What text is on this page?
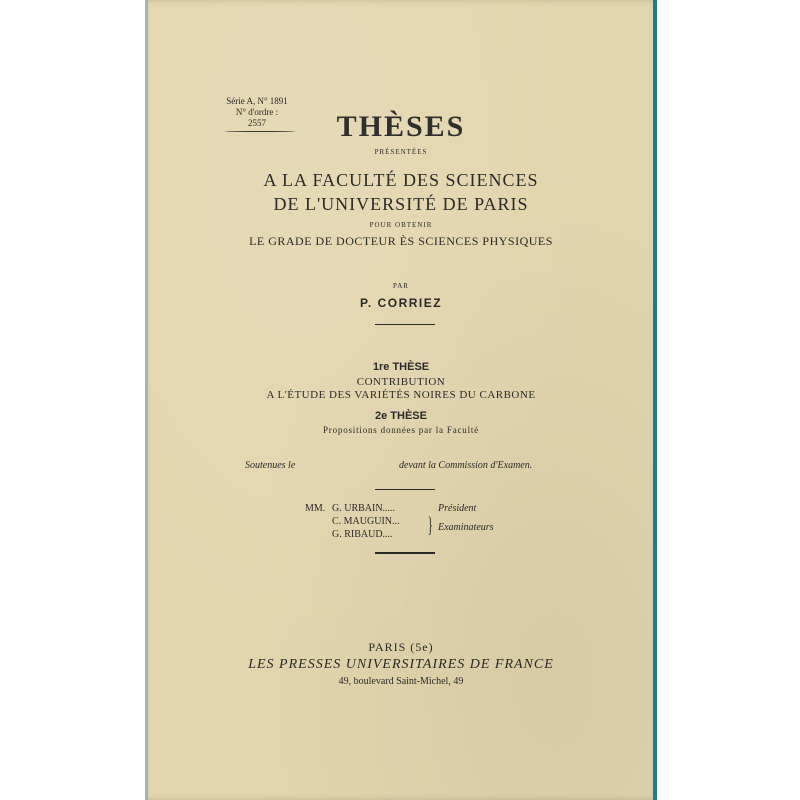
Série A, N° 1891
N° d'ordre :
2557	THÈSES
PRÉSENTÉES
A LA FACULTÉ DES SCIENCES
DE L'UNIVERSITÉ DE PARIS
POUR OBTENIR
LE GRADE DE DOCTEUR ÈS SCIENCES PHYSIQUES
PAR
P. CORRIEZ
1re THÈSE
CONTRIBUTION
A L'ÉTUDE DES VARIÉTÉS NOIRES DU CARBONE
2e THÈSE
Propositions données par la Faculté
Soutenues le	devant la Commission d'Examen.
MM. G. URBAIN.....
C. MAUGUIN...
G. RIBAUD....
Président
} Examinateurs
PARIS (5e)
LES PRESSES UNIVERSITAIRES DE FRANCE
49, boulevard Saint-Michel, 49
